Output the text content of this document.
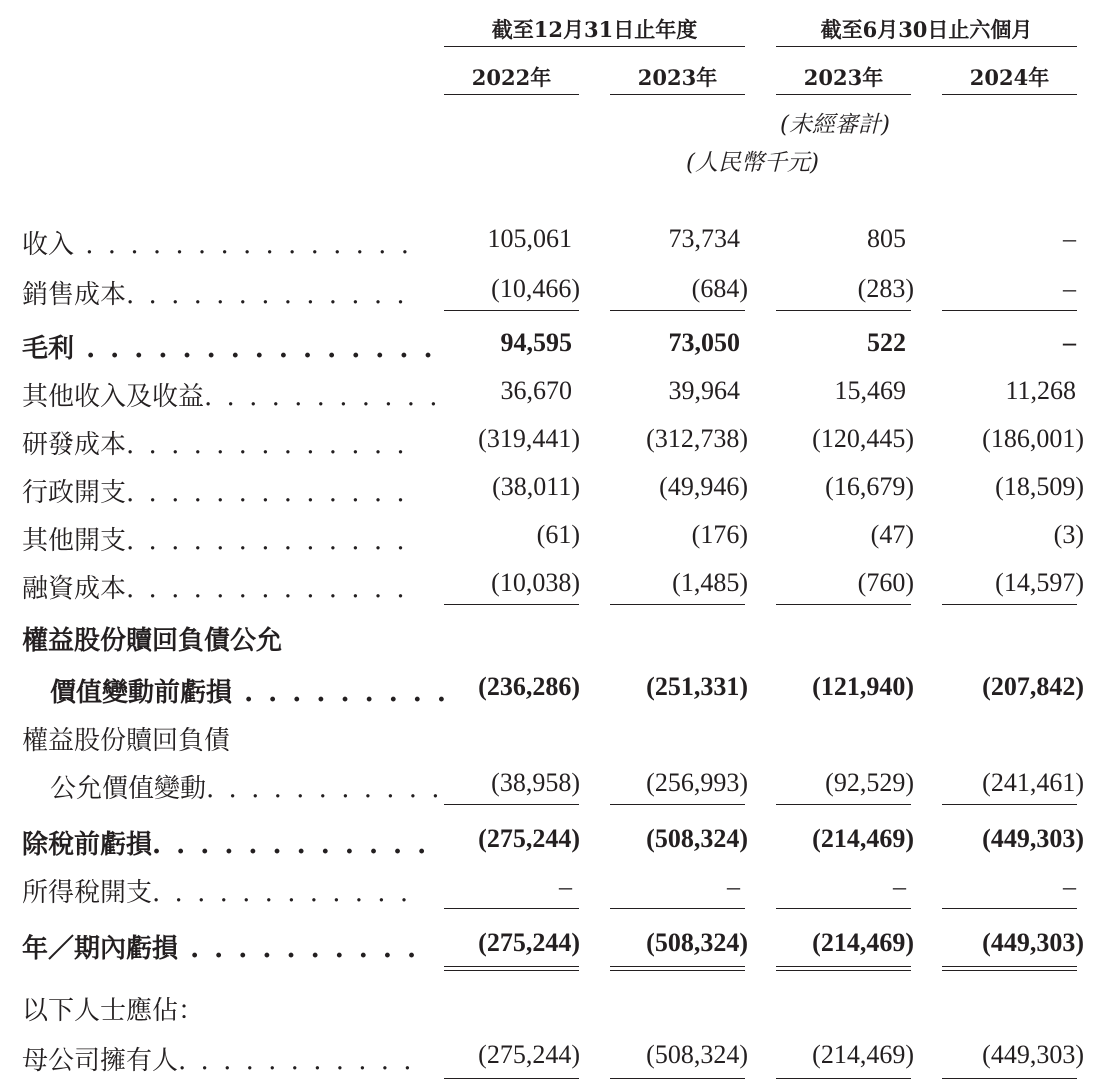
截至12月31日止年度	截至6月30日止六個月
2022年	2023年	2023年	2024年
(未經審計)
(人民幣千元)
收入 . . . . . . . . . . . . . . .	105,061	73,734	805	–
銷售成本. . . . . . . . . . . . .	(10,466)	(684)	(283)	–
毛利 . . . . . . . . . . . . . . . 94,595	73,050	522	–
其他收入及收益. . . . . . . . . . . 36,670	39,964	15,469	11,268
研發成本. . . . . . . . . . . . .	(319,441)	(312,738) (120,445)	(186,001)
行政開支. . . . . . . . . . . . .	(38,011)	(49,946)	(16,679)	(18,509)
其他開支. . . . . . . . . . . . .	(61)	(176)	(47)	(3)
融資成本. . . . . . . . . . . . .	(10,038)	(1,485)	(760)	(14,597)
權益股份贖回負債公允
價值變動前虧損 . . . . . . . . . (236,286)	(251,331) (121,940)	(207,842)
權益股份贖回負債
公允價值變動. . . . . . . . . . . (38,958)	(256,993)	(92,529)	(241,461)
除稅前虧損. . . . . . . . . . . . (275,244)	(508,324) (214,469)	(449,303)
所得稅開支. . . . . . . . . . . .	–	–	–	–
年／期內虧損 . . . . . . . . . . (275,244)	(508,324) (214,469)	(449,303)
以下人士應佔：
母公司擁有人. . . . . . . . . . . (275,244)	(508,324) (214,469)	(449,303)
